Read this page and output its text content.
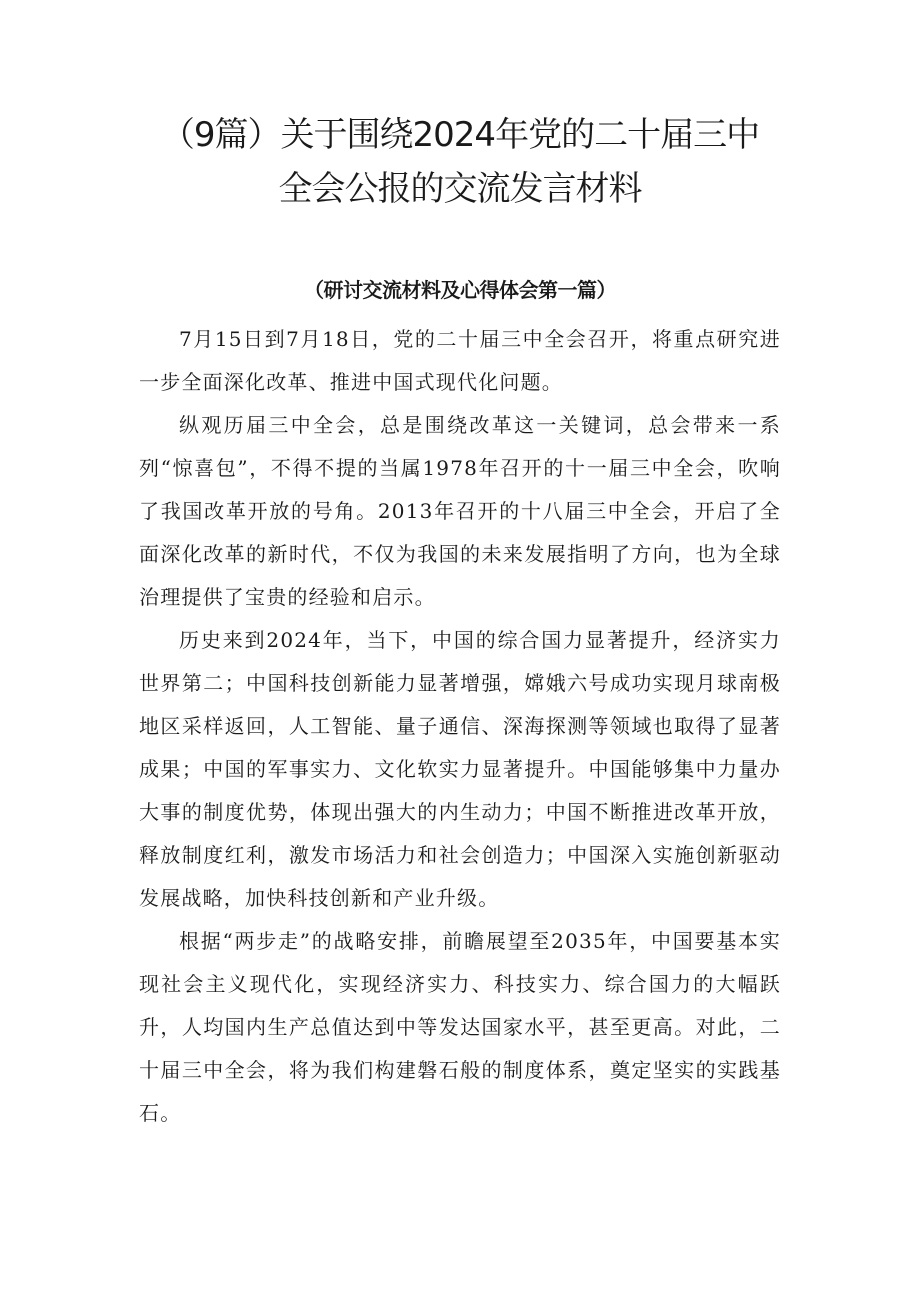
（9篇）关于围绕2024年党的二十届三中
全会公报的交流发言材料
（研讨交流材料及心得体会第一篇）

7月15日到7月18日，党的二十届三中全会召开，将重点研究进一步全面深化改革、推进中国式现代化问题。

纵观历届三中全会，总是围绕改革这一关键词，总会带来一系列“惊喜包”，不得不提的当属1978年召开的十一届三中全会，吹响了我国改革开放的号角。2013年召开的十八届三中全会，开启了全面深化改革的新时代，不仅为我国的未来发展指明了方向，也为全球治理提供了宝贵的经验和启示。

历史来到2024年，当下，中国的综合国力显著提升，经济实力世界第二；中国科技创新能力显著增强，嫦娥六号成功实现月球南极地区采样返回，人工智能、量子通信、深海探测等领域也取得了显著成果；中国的军事实力、文化软实力显著提升。中国能够集中力量办大事的制度优势，体现出强大的内生动力；中国不断推进改革开放，释放制度红利，激发市场活力和社会创造力；中国深入实施创新驱动发展战略，加快科技创新和产业升级。

根据“两步走”的战略安排，前瞻展望至2035年，中国要基本实现社会主义现代化，实现经济实力、科技实力、综合国力的大幅跃升，人均国内生产总值达到中等发达国家水平，甚至更高。对此，二十届三中全会，将为我们构建磐石般的制度体系，奠定坚实的实践基石。
